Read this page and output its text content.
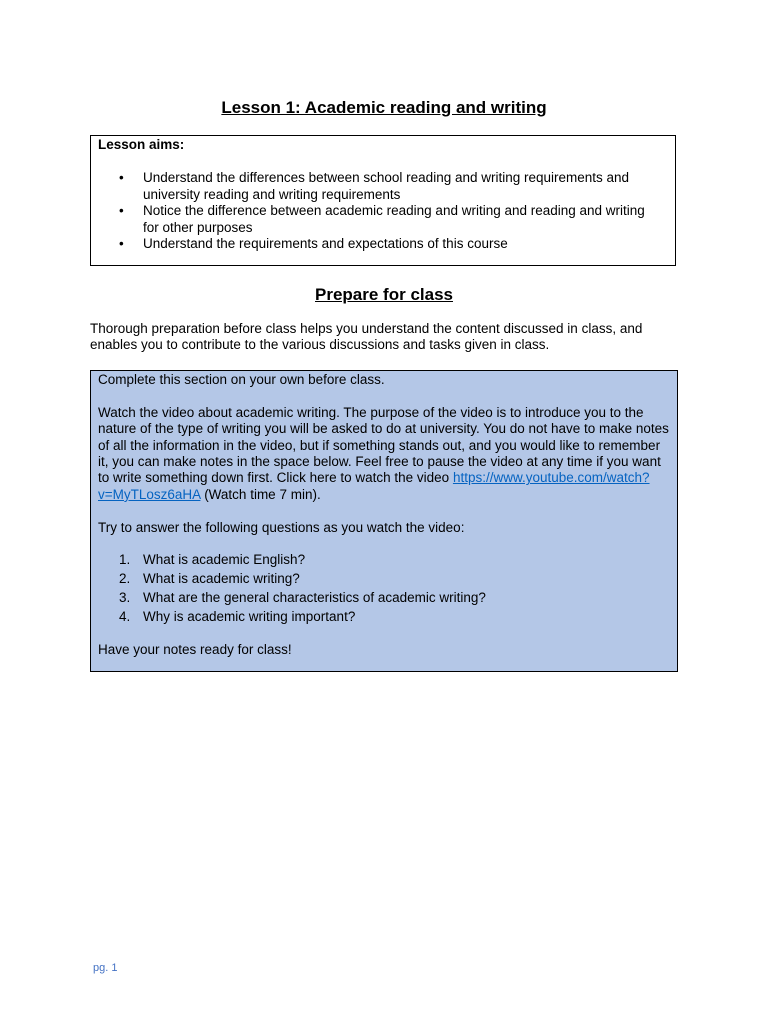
Lesson 1: Academic reading and writing
Lesson aims:
• Understand the differences between school reading and writing requirements and university reading and writing requirements
• Notice the difference between academic reading and writing and reading and writing for other purposes
• Understand the requirements and expectations of this course
Prepare for class

Thorough preparation before class helps you understand the content discussed in class, and enables you to contribute to the various discussions and tasks given in class.

Complete this section on your own before class.

Watch the video about academic writing. The purpose of the video is to introduce you to the nature of the type of writing you will be asked to do at university. You do not have to make notes of all the information in the video, but if something stands out, and you would like to remember it, you can make notes in the space below. Feel free to pause the video at any time if you want to write something down first. Click here to watch the video https://www.youtube.com/watch?v=MyTLosz6aHA (Watch time 7 min).

Try to answer the following questions as you watch the video:

1. What is academic English?
2. What is academic writing?
3. What are the general characteristics of academic writing?
4. Why is academic writing important?

Have your notes ready for class!

pg. 1
